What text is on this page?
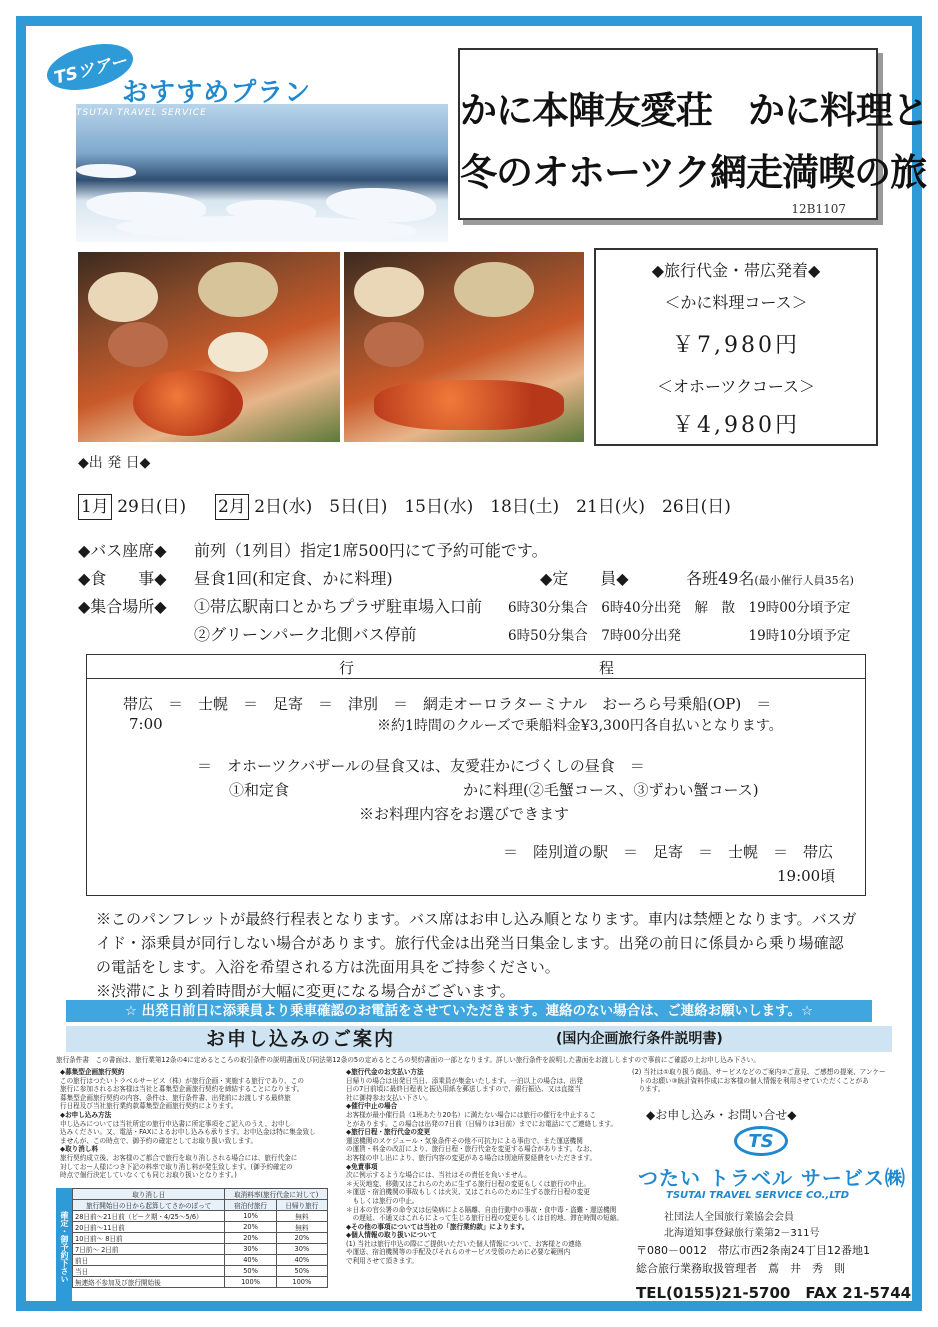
TSツアー
おすすめプラン
TSUTAI TRAVEL SERVICE	かに本陣友愛荘　かに料理と
冬のオホーツク網走満喫の旅
12B1107
◆旅行代金・帯広発着◆
＜かに料理コース＞
￥7,980円
＜オホーツクコース＞
￥4,980円
◆出 発 日◆
1月 29日(日) 2月 2日(水)　5日(日)　15日(水)　18日(土)　21日(火)　26日(日)
◆バス座席◆ 前列（1列目）指定1席500円にて予約可能です。
◆食　　事◆ 昼食1回(和定食、かに料理)	◆定　　員◆	各班49名(最小催行人員35名)
◆集合場所◆ ①帯広駅南口とかちプラザ駐車場入口前 6時30分集合　6時40分出発　解　散　19時00分頃予定
②グリーンパーク北側バス停前	6時50分集合　7時00分出発　　　　　19時10分頃予定
行	程
帯広　＝　士幌　＝　足寄　＝　津別　＝　網走オーロラターミナル　おーろら号乗船(OP)　＝
7:00	※約1時間のクルーズで乗船料金¥3,300円各自払いとなります。
＝　オホーツクバザールの昼食又は、友愛荘かにづくしの昼食　＝
①和定食	かに料理(②毛蟹コース、③ずわい蟹コース)
※お料理内容をお選びできます
＝　陸別道の駅　＝　足寄　＝　士幌　＝　帯広
19:00頃
※このパンフレットが最終行程表となります。バス席はお申し込み順となります。車内は禁煙となります。バスガ
イド・添乗員が同行しない場合があります。旅行代金は出発当日集金します。出発の前日に係員から乗り場確認
の電話をします。入浴を希望される方は洗面用具をご持参ください。
※渋滞により到着時間が大幅に変更になる場合がございます。
☆ 出発日前日に添乗員より乗車確認のお電話をさせていただきます。連絡のない場合は、ご連絡お願いします。☆
お申し込みのご案内	(国内企画旅行条件説明書)
旅行条件書　この書面は、旅行業第12条の4に定めるところの取引条件の説明書面及び同法第12条の5の定めるところの契約書面の一部となります。詳しい旅行条件を説明した書面をお渡ししますので事前にご確認の上お申し込み下さい。
◆募集型企画旅行契約
この旅行はつたいトラベルサービス（株）が旅行企画・実施する旅行であり、この
旅行に参加されるお客様は当社と募集型企画旅行契約を締結することになります。
募集型企画旅行契約の内容、条件は、旅行条件書、出発前にお渡しする最終旅
行日程及び当社旅行業約款募集型企画旅行契約によります。
◆お申し込み方法
申し込みについては当社所定の旅行申込書に所定事項をご記入のうえ、お申し
込みください。又、電話・FAXによるお申し込みも承ります。お申込金は特に集金致し
ませんが、この時点で、御予約の確定としてお取り扱い致します。
◆取り消し料
旅行契約成立後、お客様のご都合で旅行を取り消しされる場合には、旅行代金に
対しておー人様につき下記の料率で取り消し料が発生致します。(御予約確定の
時点で個行決定していなくても同じお取り扱いとなります。)
確定・御予約下さい
取り消し日	取消料率(旅行代金に対して)	
旅行開始日の日から起算してさかのぼって	宿泊付旅行	日帰り旅行
28日前～21日前（ピーク期・4/25～5/6）	10%	無料
20日前～11日前	20%	無料
10日前～ 8日前	20%	20%
7日前～ 2日前	30%	30%
前日	40%	40%
当日	50%	50%
無連絡不参加及び旅行開始後	100%	100%
◆旅行代金のお支払い方法
日帰りの場合は出発日当日、添乗員が集金いたします。一泊以上の場合は、出発
日の7日前頃に最終日程表と振込用紙を郵送しますので、銀行振込、又は直接当
社に御持参お支払い下さい。
◆催行中止の場合
お客様が最小催行員（1班あたり20名）に満たない場合には旅行の催行を中止するこ
とがあります。この場合は出発の7日前（日帰りは3日前）までにお電話にてご連絡します。
◆旅行日程・旅行代金の変更
運送機関のスケジュール・気象条件その他不可抗力による事由で、また運送機関
の運賃・料金の改訂により、旅行日程・旅行代金を変更する場合があります。なお、
お客様の申し出により、旅行内容の変更がある場合は別途所要経費をいただきます。
◆免責事項
次に例示するような場合には、当社はその責任を負いません。
＊天災地変、移動又はこれらのために生ずる旅行日程の変更もしくは旅行の中止。
＊運送・宿泊機関の事故もしくは火災、又はこれらのために生ずる旅行日程の変更
　もしくは旅行の中止。
＊日本の官公署の命令又は伝染病による隔離、自由行動中の事故・食中毒・盗難・運送機関
　の遅延、不通又はこれらによって生じる旅行日程の変更もしくは目的地、滞在時間の短縮。
◆その他の事項については当社の「旅行業約款」によります。
◆個人情報の取り扱いについて
(1) 当社は旅行申込の際にご提供いただいた個人情報について、お客様との連絡
や運送、宿泊機関等の手配及びそれらのサービス受領のために必要な範囲内
で利用させて頂きます。
(2) 当社は①取り扱う商品、サービスなどのご案内②ご意見、ご感想の提案、アンケー
　トのお願い③統計資料作成にお客様の個人情報を利用させていただくことがあ
　ります。
◆お申し込み・お問い合せ◆
TS
つたい トラベル サービス㈱
TSUTAI TRAVEL SERVICE CO.,LTD
社団法人全国旅行業協会会員
北海道知事登録旅行業第2－311号
〒080－0012　帯広市西2条南24丁目12番地1
総合旅行業務取扱管理者　蔦　井　秀　則
TEL(0155)21-5700　FAX 21-5744
